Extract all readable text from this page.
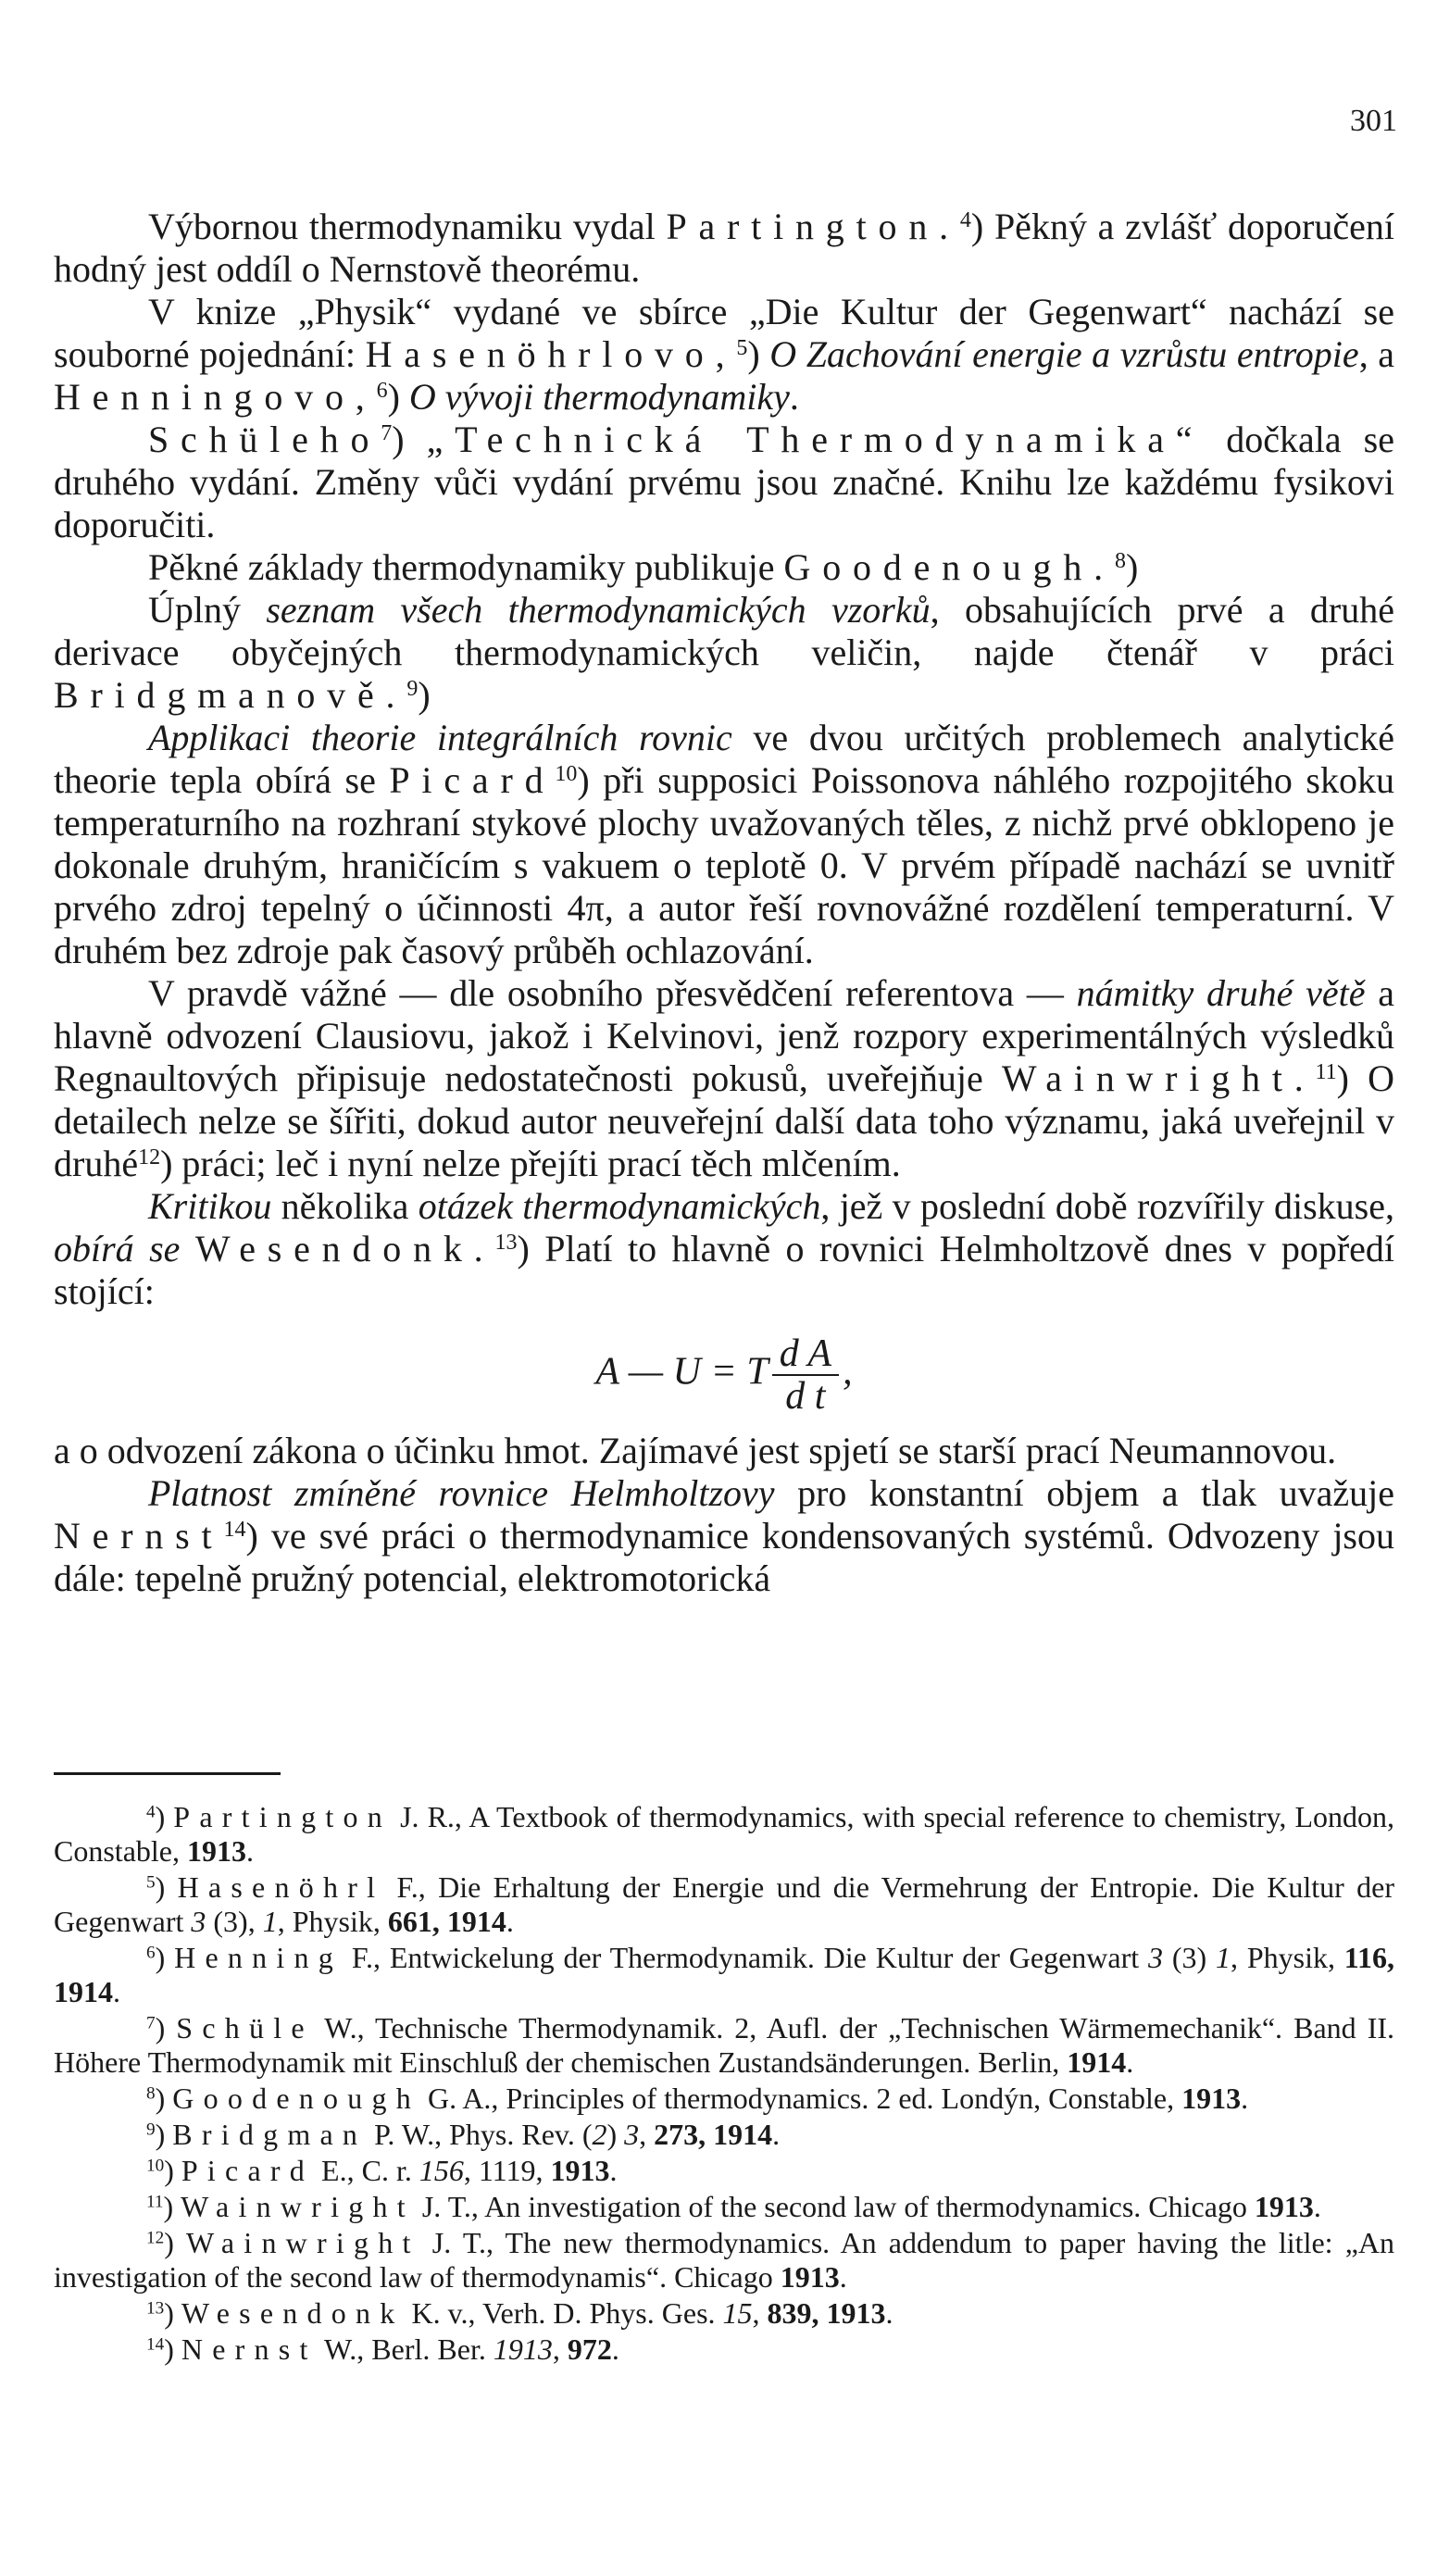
301

Výbornou thermodynamiku vydal Partington.$^4$) Pěkný a zvlášť doporučení hodný jest oddíl o Nernstově theorému.

V knize „Physik“ vydané ve sbírce „Die Kultur der Gegenwart“ nachází se souborné pojednání: Hasenöhrlovo,$^5$) O Zachování energie a vzrůstu entropie, a Henningovo,$^6$) O vývoji thermodynamiky.

Schüleho$^7$) „Technická Thermodynamika“ dočkala se druhého vydání. Změny vůči vydání prvému jsou značné. Knihu lze každému fysikovi doporučiti.

Pěkné základy thermodynamiky publikuje Goodenough.$^8$)

Úplný seznam všech thermodynamických vzorků, obsahujících prvé a druhé derivace obyčejných thermodynamických veličin, najde čtenář v práci Bridgmanově.$^9$)

Applikaci theorie integrálních rovnic ve dvou určitých problemech analytické theorie tepla obírá se Picard$^{10}$) při supposici Poissonova náhlého rozpojitého skoku temperaturního na rozhraní stykové plochy uvažovaných těles, z nichž prvé obklopeno je dokonale druhým, hraničícím s vakuem o teplotě 0. V prvém případě nachází se uvnitř prvého zdroj tepelný o účinnosti 4π, a autor řeší rovnovážné rozdělení temperaturní. V druhém bez zdroje pak časový průběh ochlazování.

V pravdě vážné — dle osobního přesvědčení referentova — námitky druhé větě a hlavně odvození Clausiovu, jakož i Kelvinovi, jenž rozpory experimentálných výsledků Regnaultových připisuje nedostatečnosti pokusů, uveřejňuje Wainwright.$^{11}$) O detailech nelze se šířiti, dokud autor neuveřejní další data toho významu, jaká uveřejnil v druhé$^{12}$) práci; leč i nyní nelze přejíti prací těch mlčením.

Kritikou několika otázek thermodynamických, jež v poslední době rozvířily diskuse, obírá se Wesendonk.$^{13}$) Platí to hlavně o rovnici Helmholtzově dnes v popředí stojící:

A — U = T $\frac{\text{d A}}{\text{d t}}$ ,

a o odvození zákona o účinku hmot. Zajímavé jest spjetí se starší prací Neumannovou.

Platnost zmíněné rovnice Helmholtzovy pro konstantní objem a tlak uvažuje Nernst$^{14}$) ve své práci o thermodynamice kondensovaných systémů. Odvozeny jsou dále: tepelně pružný potencial, elektromotorická

$^4$) Partington J. R., A Textbook of thermodynamics, with special reference to chemistry, London, Constable, 1913.

$^5$) Hasenöhrl F., Die Erhaltung der Energie und die Vermehrung der Entropie. Die Kultur der Gegenwart 3 (3), 1, Physik, 661, 1914.

$^6$) Henning F., Entwickelung der Thermodynamik. Die Kultur der Gegenwart 3 (3) 1, Physik, 116, 1914.

$^7$) Schüle W., Technische Thermodynamik. 2, Aufl. der „Technischen Wärmemechanik“. Band II. Höhere Thermodynamik mit Einschluß der chemischen Zustandsänderungen. Berlin, 1914.

$^8$) Goodenough G. A., Principles of thermodynamics. 2 ed. Londýn, Constable, 1913.

$^9$) Bridgman P. W., Phys. Rev. (2) 3, 273, 1914.

$^{10}$) Picard E., C. r. 156, 1119, 1913.

$^{11}$) Wainwright J. T., An investigation of the second law of thermodynamics. Chicago 1913.

$^{12}$) Wainwright J. T., The new thermodynamics. An addendum to paper having the litle: „An investigation of the second law of thermodynamis“. Chicago 1913.

$^{13}$) Wesendonk K. v., Verh. D. Phys. Ges. 15, 839, 1913.

$^{14}$) Nernst W., Berl. Ber. 1913, 972.
